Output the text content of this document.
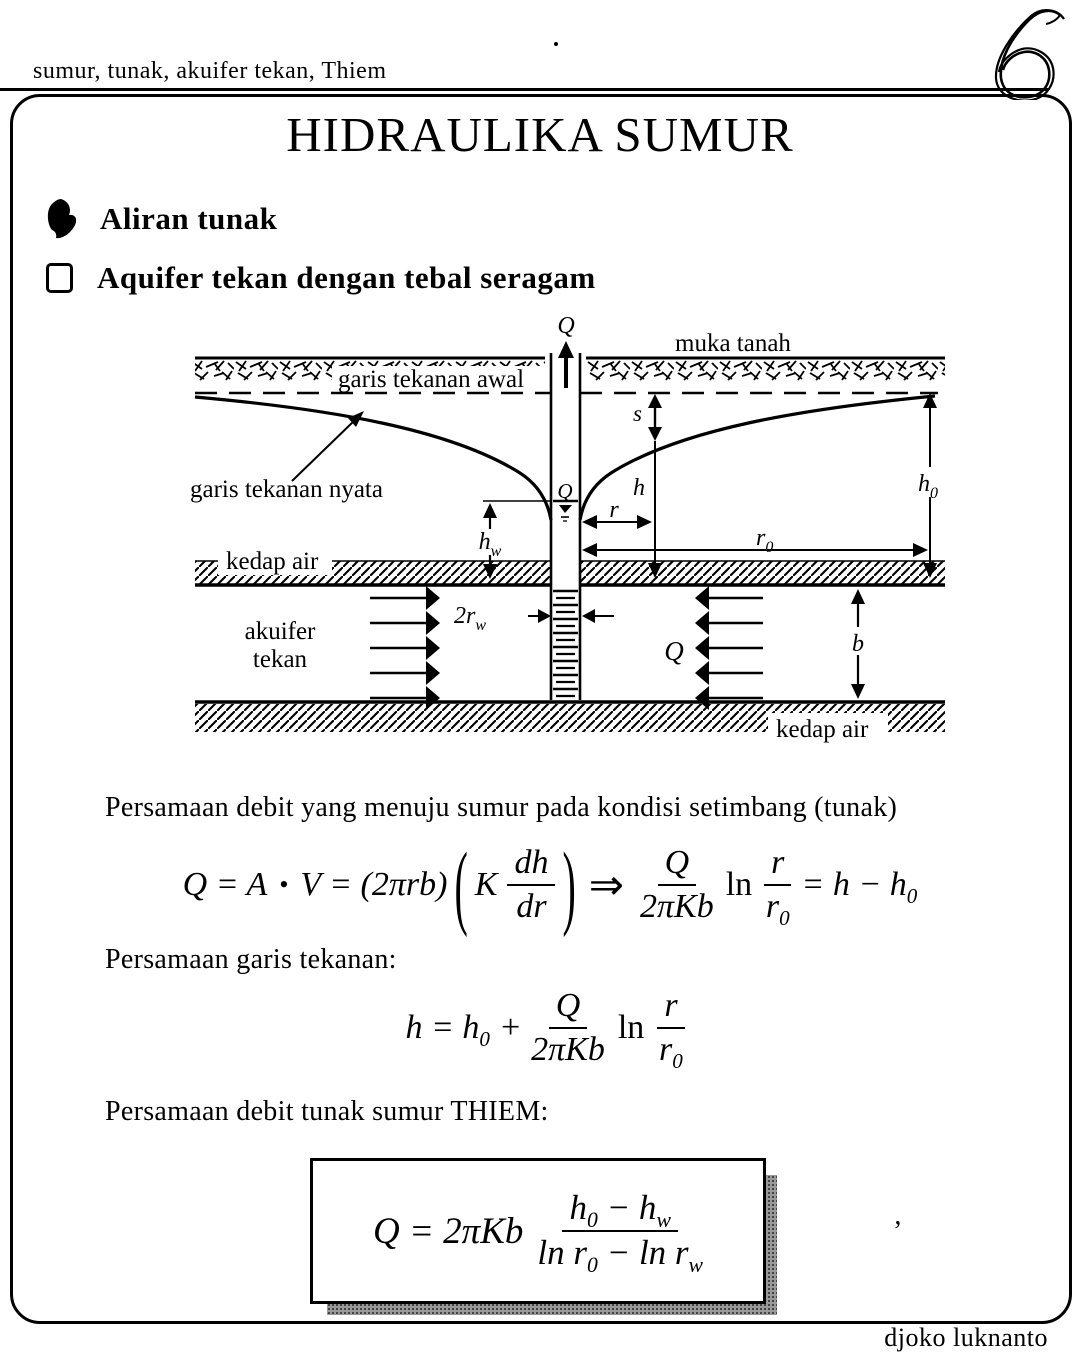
sumur, tunak, akuifer tekan, Thiem
HIDRAULIKA SUMUR
Aliran tunak
Aquifer tekan dengan tebal seragam
muka tanah
garis tekanan awal
garis tekanan nyata
Q
Q
s
h	$h_0$
$h_w$
r
$r_0$
kedap air
$2r_w$
akuifer
tekan	Q	b
kedap air
Persamaan debit yang menuju sumur pada kondisi setimbang (tunak)
Q = A • V = (2πrb) ( K $\frac{dh}{dr}$ ) ⇒ $\frac{Q}{\text{2πKb}}$ $\ln \frac{r}{r_0} = h - h_0$
Persamaan garis tekanan:
$h = h_0 + \frac{Q}{\text{2πKb}}$ $\ln \frac{r}{r_0}$
Persamaan debit tunak sumur THIEM:
$Q = 2\pi Kb \frac{h_0 - h_w}{\ln r_0 - \ln r_w}$	’
djoko luknanto
